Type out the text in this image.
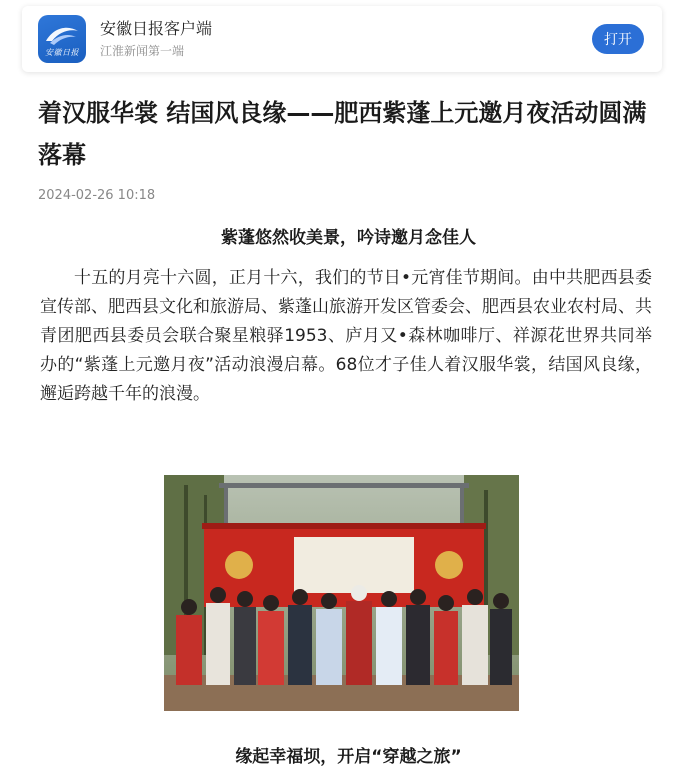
安徽日报
安徽日报客户端
江淮新闻第一端
打开
着汉服华裳 结国风良缘——肥西紫蓬上元邀月夜活动圆满落幕
2024-02-26 10:18
紫蓬悠然收美景，吟诗邀月念佳人

十五的月亮十六圆，正月十六，我们的节日•元宵佳节期间。由中共肥西县委宣传部、肥西县文化和旅游局、紫蓬山旅游开发区管委会、肥西县农业农村局、共青团肥西县委员会联合聚星粮驿1953、庐月又•森林咖啡厅、祥源花世界共同举办的“紫蓬上元邀月夜”活动浪漫启幕。68位才子佳人着汉服华裳，结国风良缘，邂逅跨越千年的浪漫。

缘起幸福坝，开启“穿越之旅”
